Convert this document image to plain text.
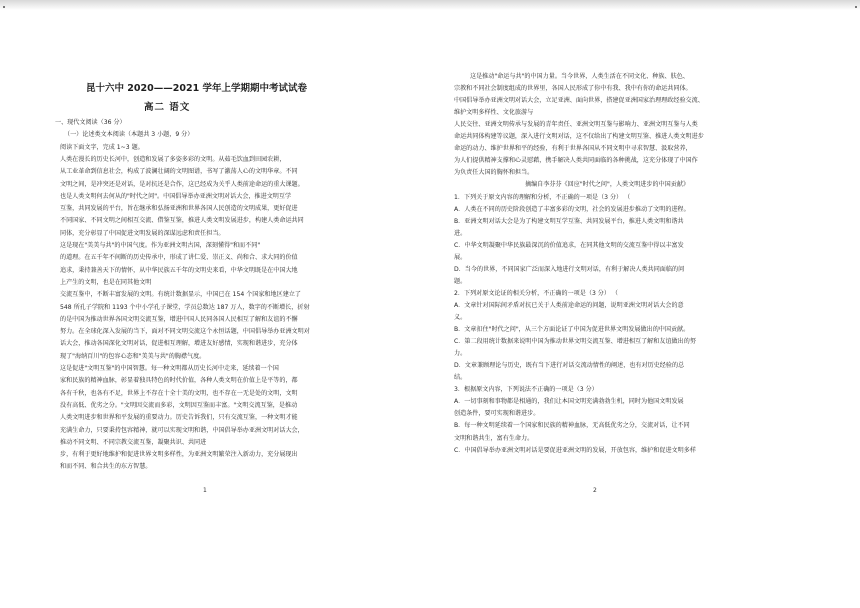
昆十六中 2020——2021 学年上学期期中考试试卷
高二 语文
一、现代文阅读（36 分）
（一）论述类文本阅读（本题共 3 小题，9 分）
阅读下面文字，完成 1~3 题。
人类在漫长的历史长河中，创造和发展了多姿多彩的文明。从茹毛饮血到田园农耕，
从工业革命到信息社会，构成了波澜壮阔的文明图谱，书写了激荡人心的文明华章。不同
文明之间，是冲突还是对话，是对抗还是合作，这已经成为关乎人类前途命运的重大课题。
也是人类文明何去何从的"时代之问"。中国倡导举办亚洲文明对话大会，推进文明互学
互鉴，共同发展的平台，旨在继承和弘扬亚洲和世界各国人民创造的文明成果，更好促进
不同国家、不同文明之间相互交流、借鉴互鉴，推进人类文明发展进步，构建人类命运共同
同体，充分彰显了中国促进文明发展的深谋远虑和责任担当。
这是现在"美美与共"的中国气度。作为亚洲文明古国，深刻懂得"和而不同"
的道理。在五千年不间断的历史传承中，形成了讲仁爱、崇正义、尚和合、求大同的价值
追求，秉持兼善天下的情怀，从中华民族五千年的文明史来看，中华文明既是在中国大地
上产生的文明，也是在同其他文明
交流互鉴中，不断丰富发展的文明。有统计数据显示，中国已在 154 个国家和地区建立了
548 所孔子学院和 1193 个中小学孔子课堂，学员总数达 187 万人，数字的不断增长，折射
的是中国为推动世界各国文明交流互鉴，增进中国人民同各国人民相互了解和友谊的不懈
努力。在全球化深入发展的当下，面对不同文明交流这个永恒话题，中国倡导举办亚洲文明对
话大会，推动各国深化文明对话，促进相互理解，增进友好感情，实现和谐进步，充分体
现了"海纳百川"的包容心态和"美美与共"的胸襟气度。
这是促进"文明互鉴"的中国智慧。每一种文明都从历史长河中走来，延续着一个国
家和民族的精神血脉，彰显着独具特色的时代价值，各种人类文明在价值上是平等的，都
各有千秋，也各有不足，世界上不存在十全十美的文明，也不存在一无是处的文明，文明
没有高低、优劣之分。"文明因交流而多彩，文明因互鉴而丰富。"文明交流互鉴，是推动
人类文明进步和世界和平发展的重要动力。历史告诉我们，只有交流互鉴，一种文明才能
充满生命力，只要秉持包容精神，就可以实现文明和谐，中国倡导举办亚洲文明对话大会，
推动不同文明、不同宗教交流互鉴，凝聚共识、共同进
步，有利于更好地维护和促进世界文明多样性，为亚洲文明繁荣注入新动力，充分展现出
和而不同、和合共生的东方智慧。
1
这是推动"命运与共"的中国力量。当今世界，人类生活在不同文化、种族、肤色、
宗教和不同社会制度组成的世界里，各国人民形成了你中有我、我中有你的命运共同体。
中国倡导举办亚洲文明对话大会，立足亚洲、面向世界，搭建促亚洲国家治理理政经验交流、
维护文明多样性、文化旅游与
人民交往、亚洲文明传承与发展的青年责任、亚洲文明互鉴与影响力、亚洲文明互鉴与人类
命运共同体构建等议题，深入进行文明对话，这不仅给出了构建文明互鉴、推进人类文明进步
命运的动力、维护世界和平的经验，有利于世界各国从不同文明中寻求智慧、汲取营养，
为人们提供精神支撑和心灵慰藉，携手解决人类共同面临的各种挑战，这充分体现了中国作
为负责任大国的胸怀和担当。
摘编自李芬芬《回应"时代之问"，人类文明进步的中国贡献》
1．下列关于原文内容的理解和分析，不正确的一项是（3 分） （
A．人类在不同的历史阶段创造了丰富多彩的文明，社会的发展进步推动了文明的进程。
B．亚洲文明对话大会是为了构建文明互学互鉴、共同发展平台，推进人类文明和谐共
进。
C．中华文明凝聚中华民族最深沉的价值追求，在同其他文明的交流互鉴中得以丰富发
展。
D．当今的世界，不同国家广泛而深入地进行文明对话，有利于解决人类共同面临的问
题。
2．下列对原文论证的相关分析，不正确的一项是（3 分） （
A．文章针对国际间矛盾对抗已关于人类前途命运的问题，说明亚洲文明对话大会的意
义。
B．文章扣住"时代之问"，从三个方面论证了中国为促进世界文明发展做出的中国贡献。
C．第二段用统计数据来说明中国为推动世界文明交流互鉴、增进相互了解和友谊做出的努
力。
D．文章兼顾理论与历史，既有当下进行对话交流动情性的阐述，也有对历史经验的总
结。
3．根据原文内容，下列说法不正确的一项是（3 分）
A．一切事刻和事物都是相通的，我们让本国文明充满勃勃生机，同时为他国文明发展
创造条件，要可实现和谐进步。
B．每一种文明延续着一个国家和民族的精神血脉，无高低优劣之分，交流对话，让不同
文明和谐共生，富有生命力。
C．中国倡导举办亚洲文明对话是要促进亚洲文明的发展，开放包容，维护和促进文明多样
2
